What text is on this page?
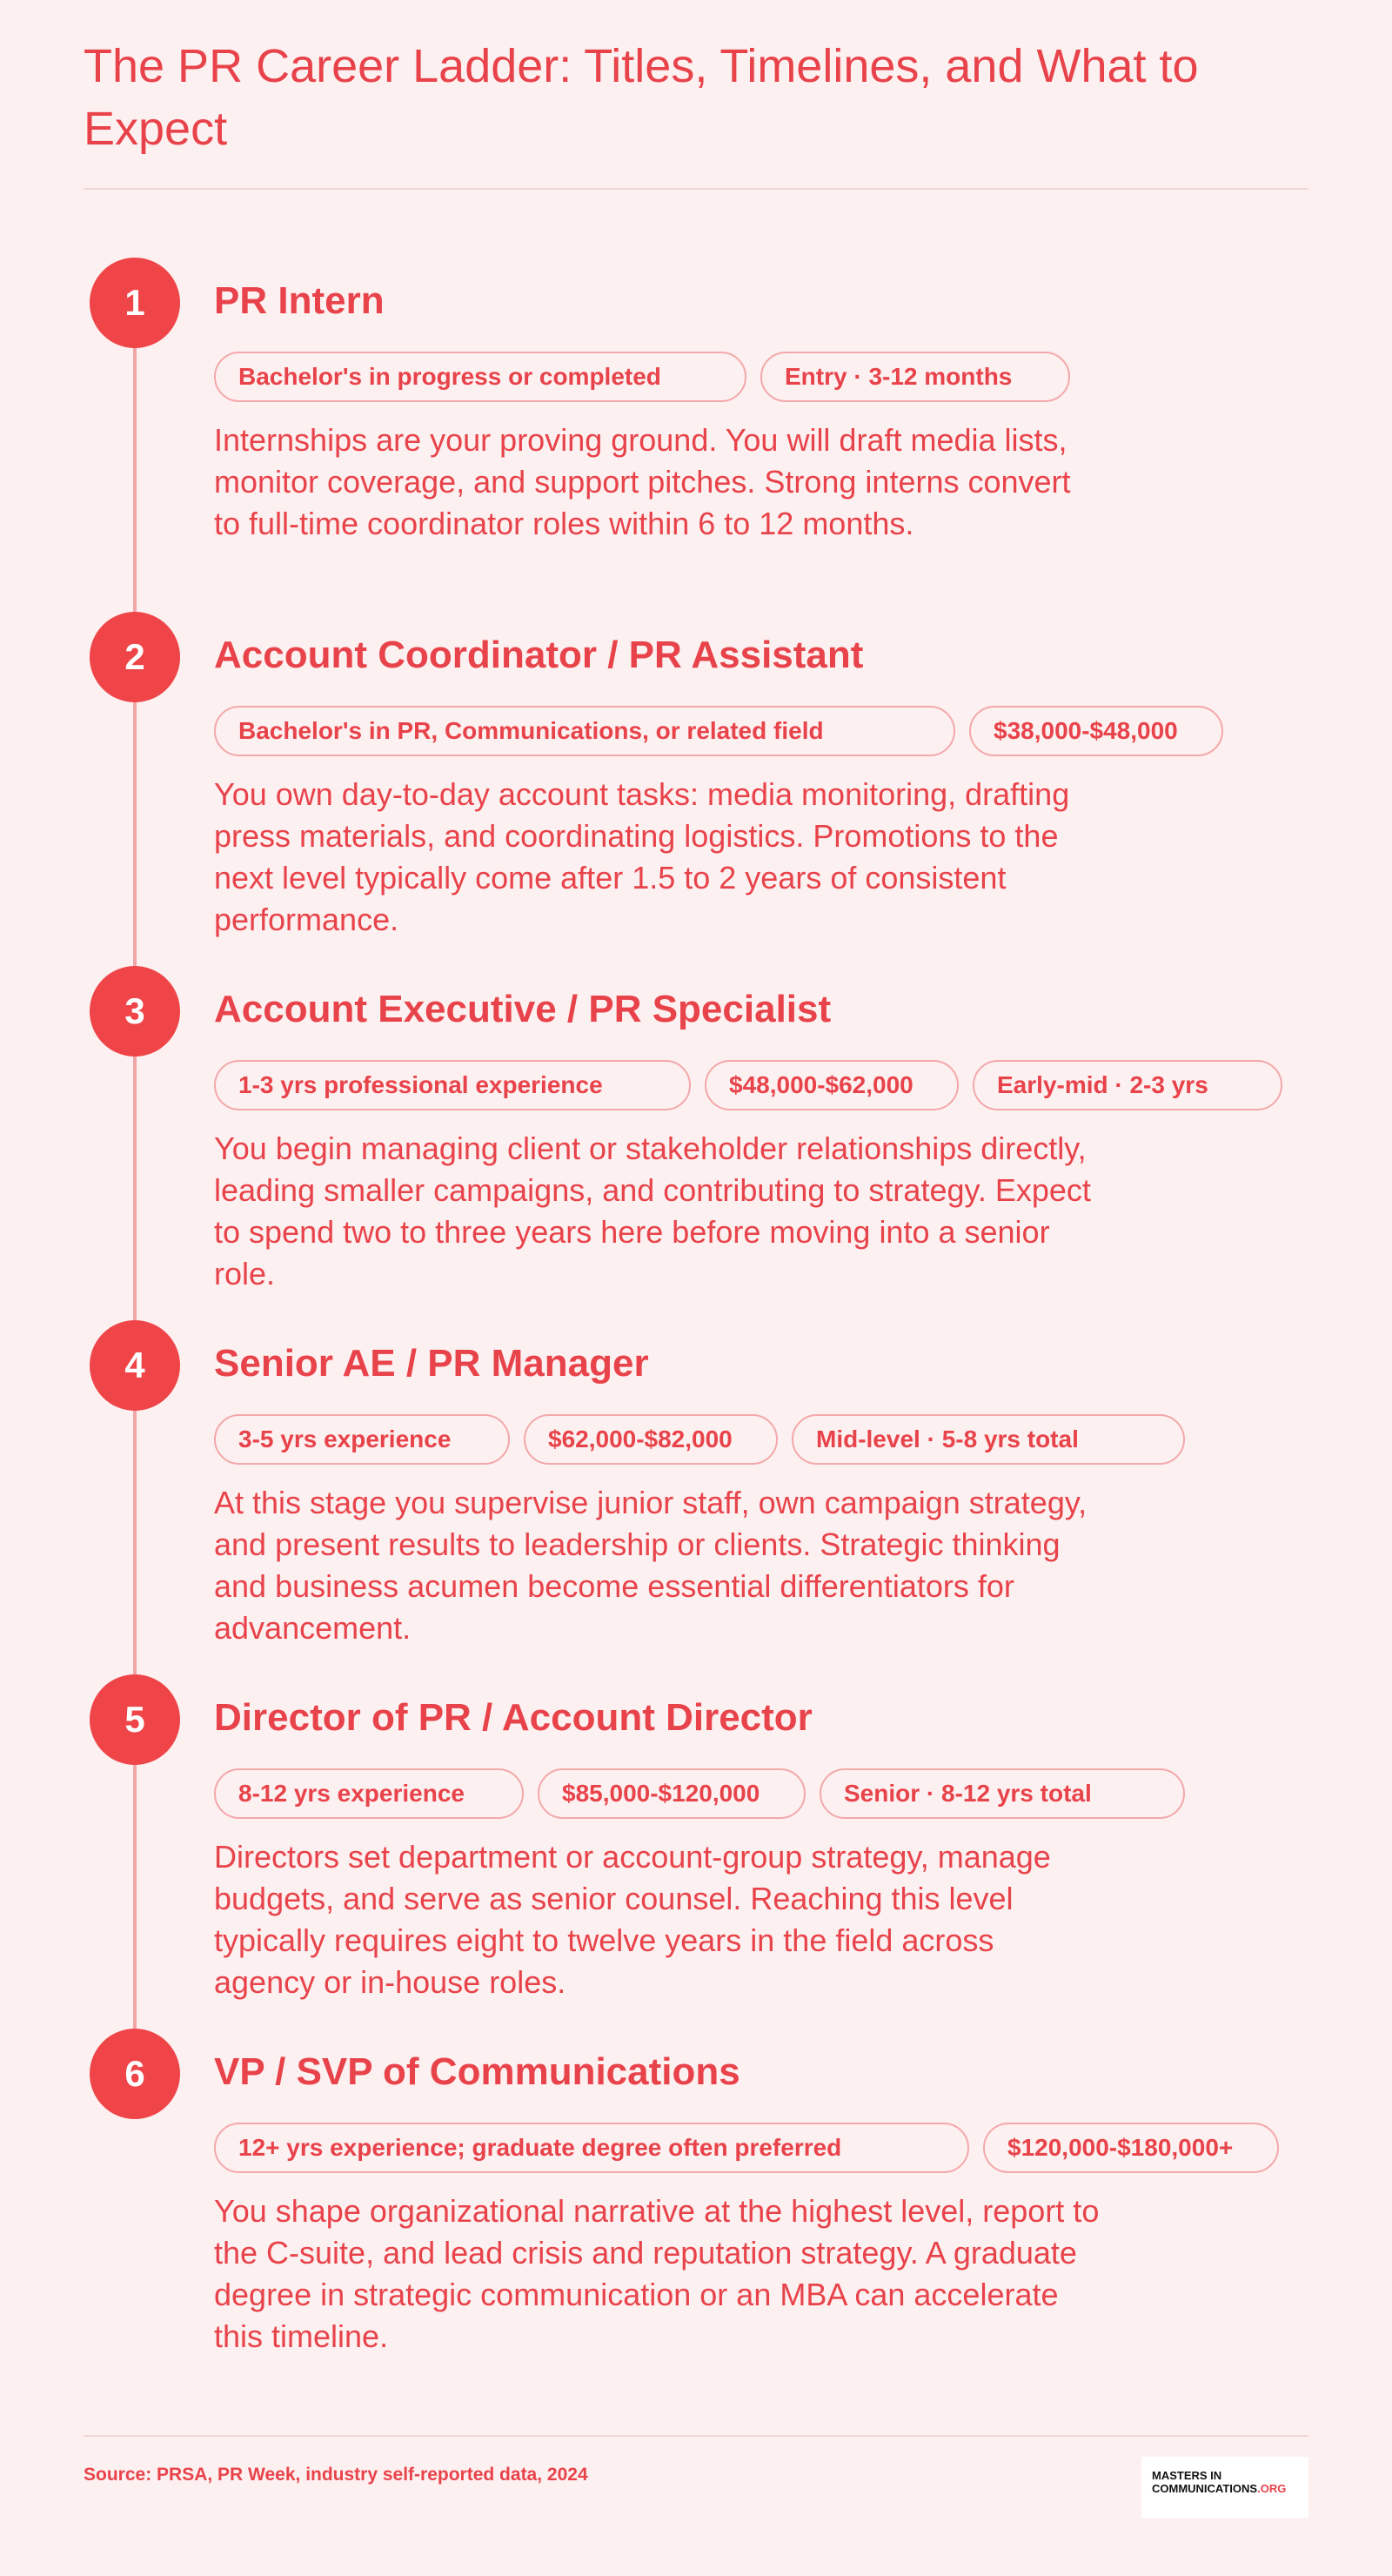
The PR Career Ladder: Titles, Timelines, and What to Expect
1	PR Intern
Bachelor's in progress or completed	Entry · 3-12 months
Internships are your proving ground. You will draft media lists, monitor coverage, and support pitches. Strong interns convert to full-time coordinator roles within 6 to 12 months.
2	Account Coordinator / PR Assistant
Bachelor's in PR, Communications, or related field	$38,000-$48,000
You own day-to-day account tasks: media monitoring, drafting press materials, and coordinating logistics. Promotions to the next level typically come after 1.5 to 2 years of consistent performance.
3	Account Executive / PR Specialist
1-3 yrs professional experience	$48,000-$62,000	Early-mid · 2-3 yrs
You begin managing client or stakeholder relationships directly, leading smaller campaigns, and contributing to strategy. Expect to spend two to three years here before moving into a senior role.
4	Senior AE / PR Manager
3-5 yrs experience	$62,000-$82,000	Mid-level · 5-8 yrs total
At this stage you supervise junior staff, own campaign strategy, and present results to leadership or clients. Strategic thinking and business acumen become essential differentiators for advancement.
5	Director of PR / Account Director
8-12 yrs experience	$85,000-$120,000	Senior · 8-12 yrs total
Directors set department or account-group strategy, manage budgets, and serve as senior counsel. Reaching this level typically requires eight to twelve years in the field across agency or in-house roles.
6	VP / SVP of Communications
12+ yrs experience; graduate degree often preferred	$120,000-$180,000+
You shape organizational narrative at the highest level, report to the C-suite, and lead crisis and reputation strategy. A graduate degree in strategic communication or an MBA can accelerate this timeline.
Source: PRSA, PR Week, industry self-reported data, 2024	MASTERS IN
COMMUNICATIONS.ORG
